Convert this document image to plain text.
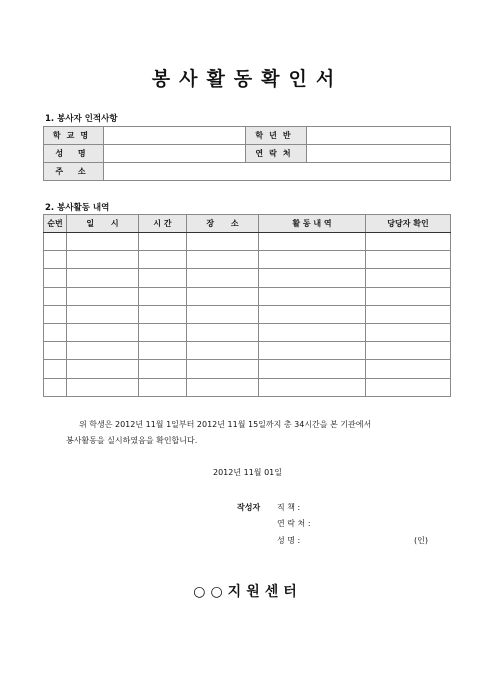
봉사활동확인서
1. 봉사자 인적사항
학교명		학년반	
성 명		연락처	
주 소			
2. 봉사활동 내역
순번	일 시	시 간	장 소	활 동 내 역	당당자 확인

위 학생은 2012년 11월 1일부터 2012년 11월 15일까지 총 34시간을 본 기관에서
봉사활동을 실시하였음을 확인합니다.
2012년 11월 01일
작성자 직 책 :
연 락 처 :
성 명 :	(인)
○○지원센터
